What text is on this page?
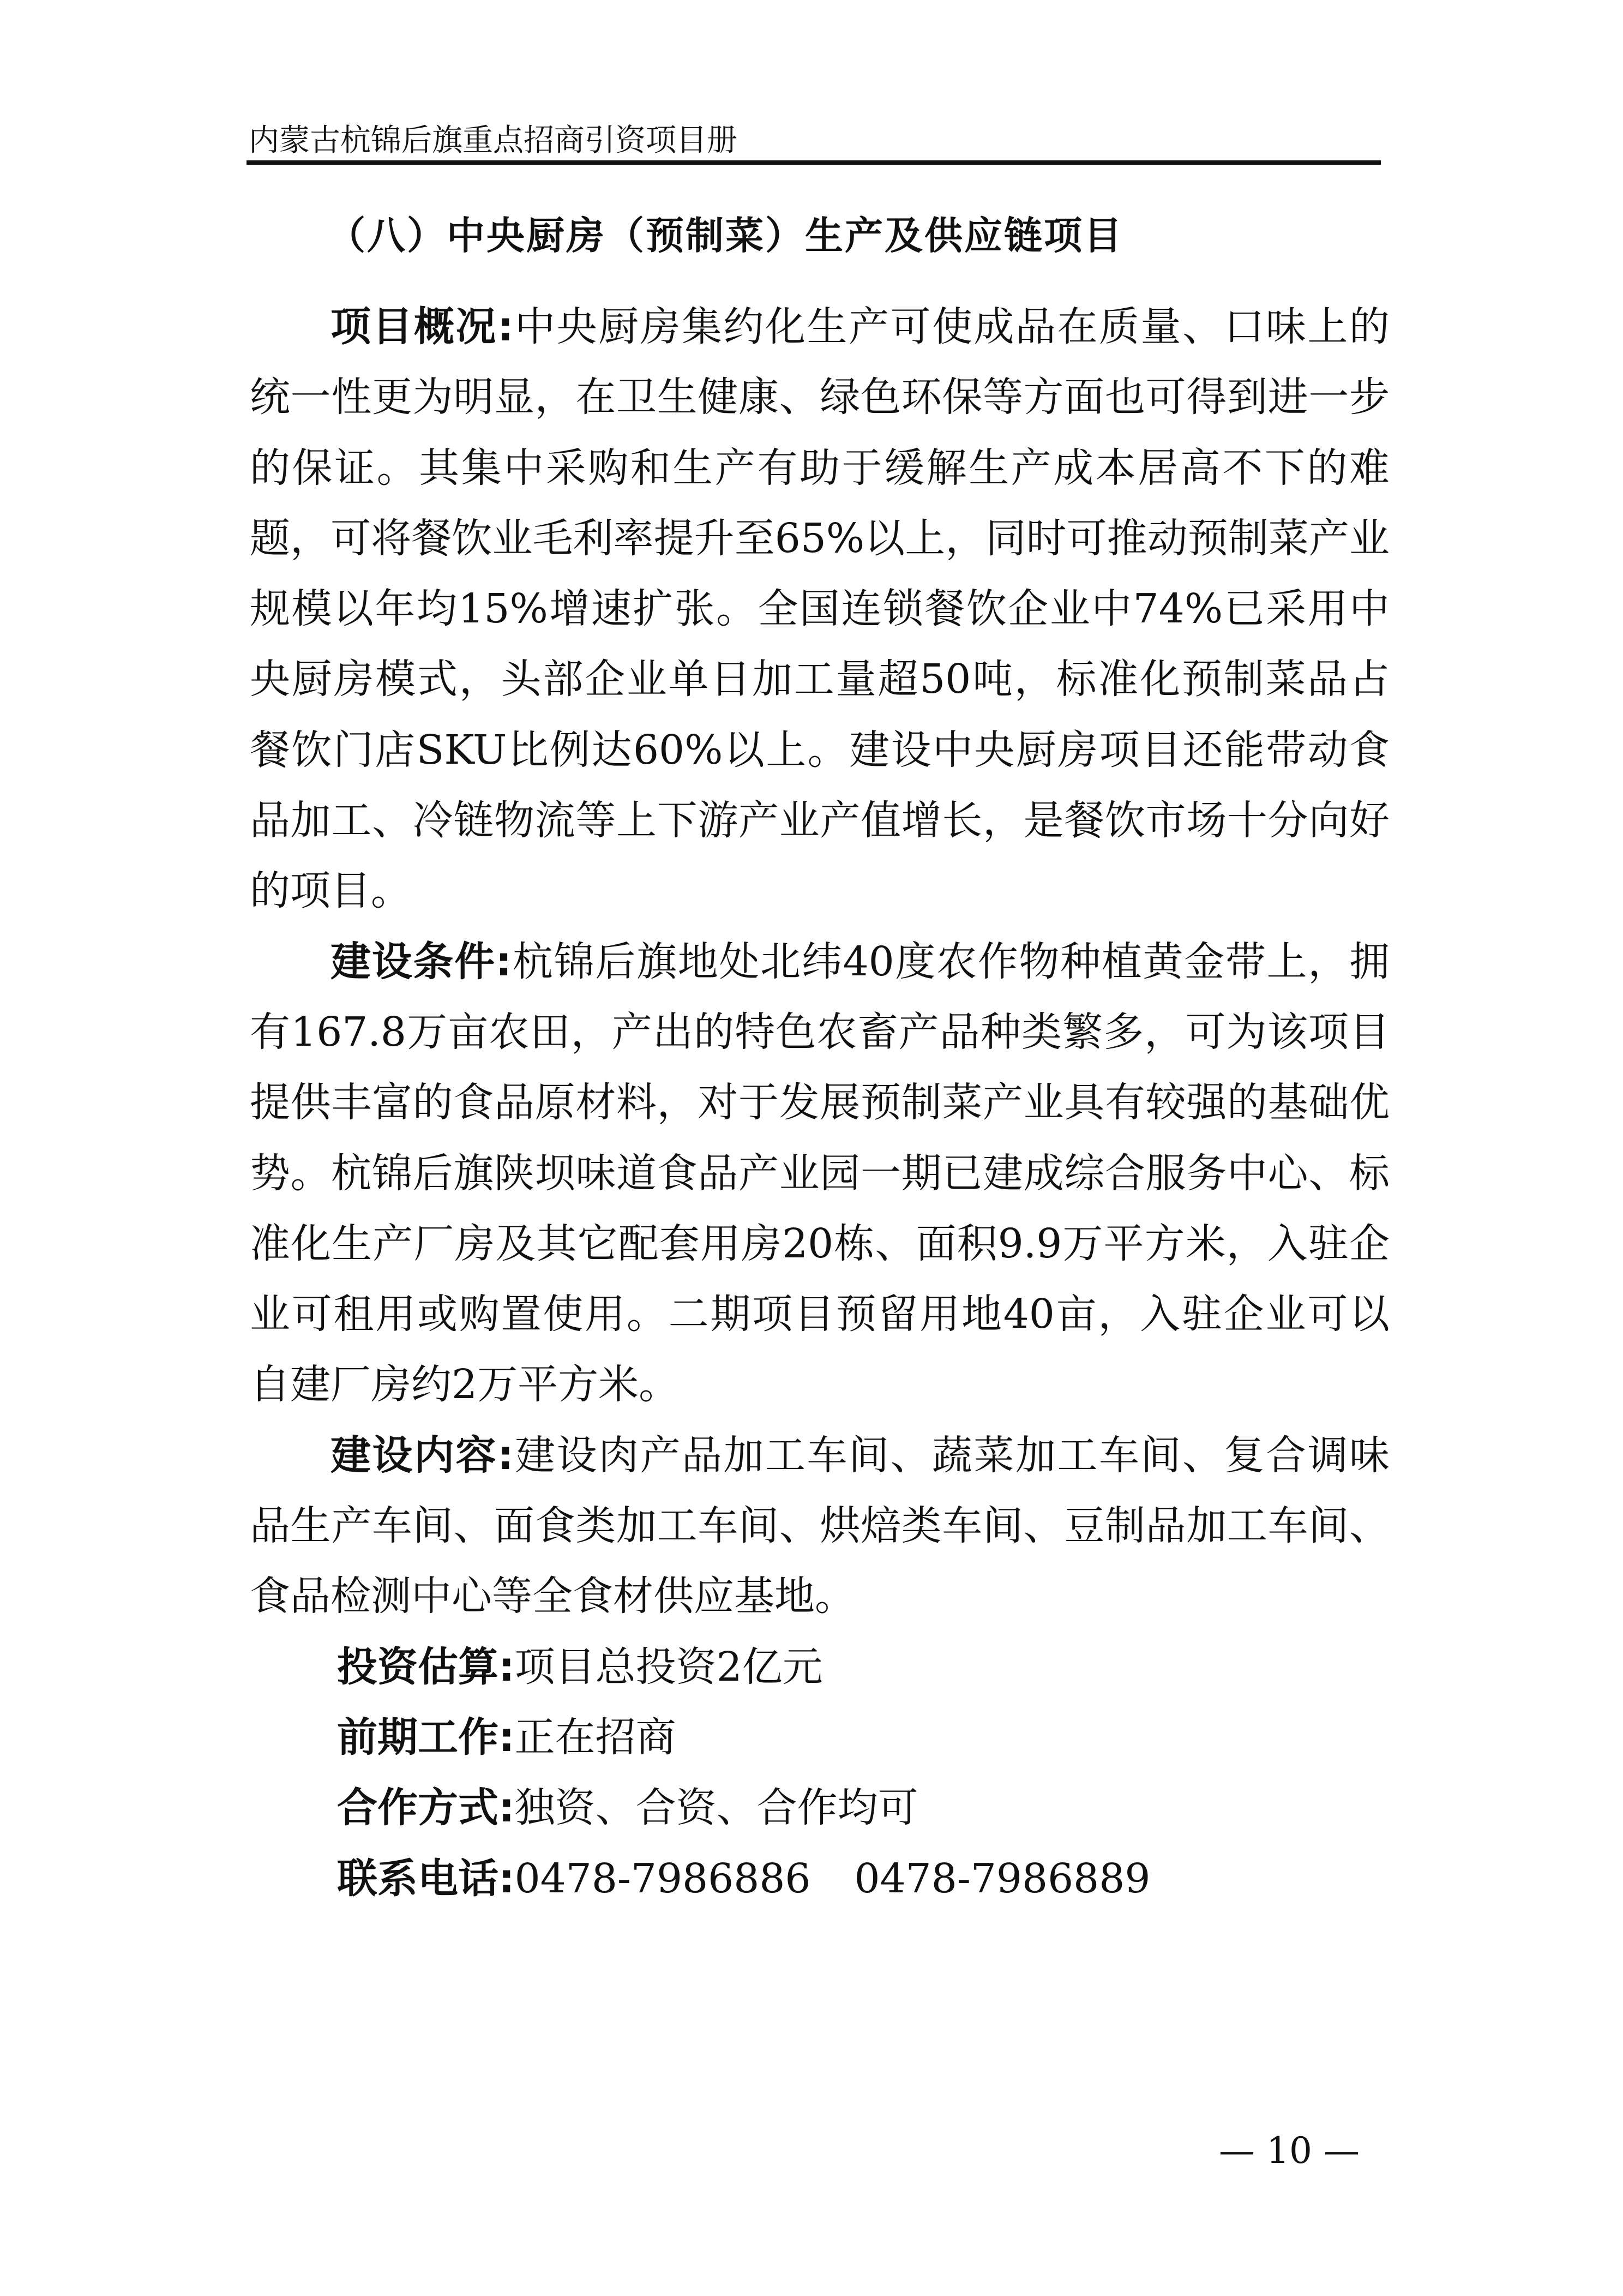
内蒙古杭锦后旗重点招商引资项目册
（八）中央厨房（预制菜）生产及供应链项目

项目概况:中央厨房集约化生产可使成品在质量、口味上的统一性更为明显，在卫生健康、绿色环保等方面也可得到进一步的保证。其集中采购和生产有助于缓解生产成本居高不下的难题，可将餐饮业毛利率提升至65%以上，同时可推动预制菜产业规模以年均15%增速扩张。全国连锁餐饮企业中74%已采用中央厨房模式，头部企业单日加工量超50吨，标准化预制菜品占餐饮门店SKU比例达60%以上。建设中央厨房项目还能带动食品加工、冷链物流等上下游产业产值增长，是餐饮市场十分向好的项目。

建设条件:杭锦后旗地处北纬40度农作物种植黄金带上，拥有167.8万亩农田，产出的特色农畜产品种类繁多，可为该项目提供丰富的食品原材料，对于发展预制菜产业具有较强的基础优势。杭锦后旗陕坝味道食品产业园一期已建成综合服务中心、标准化生产厂房及其它配套用房20栋、面积9.9万平方米，入驻企业可租用或购置使用。二期项目预留用地40亩，入驻企业可以自建厂房约2万平方米。

建设内容:建设肉产品加工车间、蔬菜加工车间、复合调味品生产车间、面食类加工车间、烘焙类车间、豆制品加工车间、食品检测中心等全食材供应基地。

投资估算:项目总投资2亿元

前期工作:正在招商

合作方式:独资、合资、合作均可

联系电话:0478-7986886 0478-7986889

— 10 —
